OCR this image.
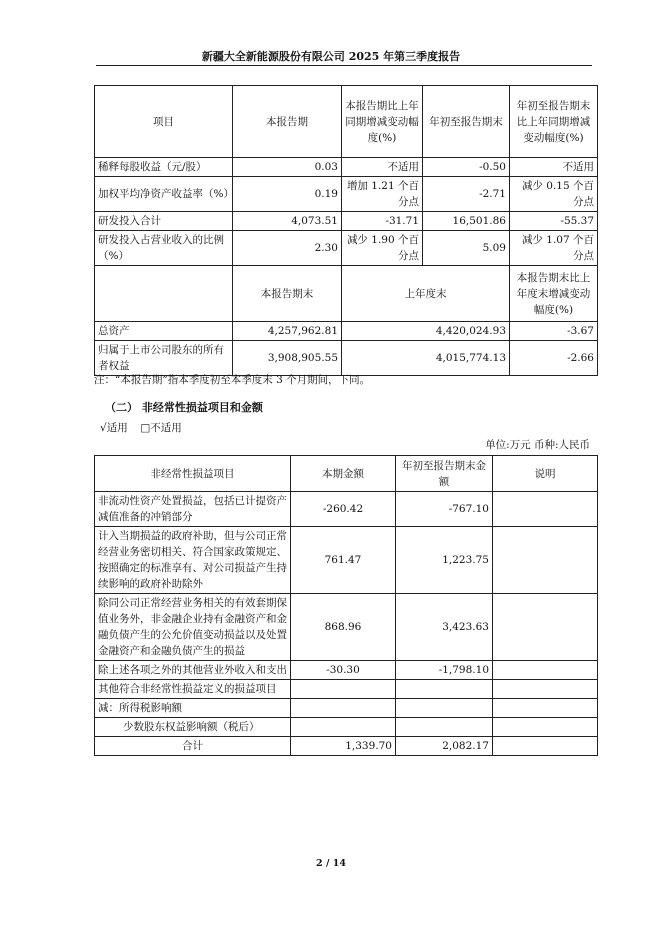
新疆大全新能源股份有限公司 2025 年第三季度报告
项目	本报告期	本报告期比上年同期增减变动幅度(%)	年初至报告期末	年初至报告期末比上年同期增减变动幅度(%)
稀释每股收益（元/股）	0.03	不适用	-0.50	不适用
加权平均净资产收益率（%）	0.19	增加 1.21 个百分点	-2.71	减少 0.15 个百分点
研发投入合计	4,073.51	-31.71	16,501.86	-55.37
研发投入占营业收入的比例（%）	2.30	减少 1.90 个百分点	5.09	减少 1.07 个百分点
	本报告期末	上年度末		本报告期末比上年度末增减变动幅度(%)
总资产	4,257,962.81	4,420,024.93		-3.67
归属于上市公司股东的所有者权益	3,908,905.55	4,015,774.13		-2.66
注：“本报告期”指本季度初至本季度末 3 个月期间，下同。
（二） 非经常性损益项目和金额
√适用 □不适用
单位:万元 币种:人民币
非经常性损益项目	本期金额	年初至报告期末金额	说明
非流动性资产处置损益，包括已计提资产减值准备的冲销部分	-260.42	-767.10	
计入当期损益的政府补助，但与公司正常经营业务密切相关、符合国家政策规定、按照确定的标准享有、对公司损益产生持续影响的政府补助除外	761.47	1,223.75	
除同公司正常经营业务相关的有效套期保值业务外，非金融企业持有金融资产和金融负债产生的公允价值变动损益以及处置金融资产和金融负债产生的损益	868.96	3,423.63	
除上述各项之外的其他营业外收入和支出	-30.30	-1,798.10	
其他符合非经常性损益定义的损益项目			
减：所得税影响额			
少数股东权益影响额（税后）			
合计	1,339.70	2,082.17	
2 / 14
